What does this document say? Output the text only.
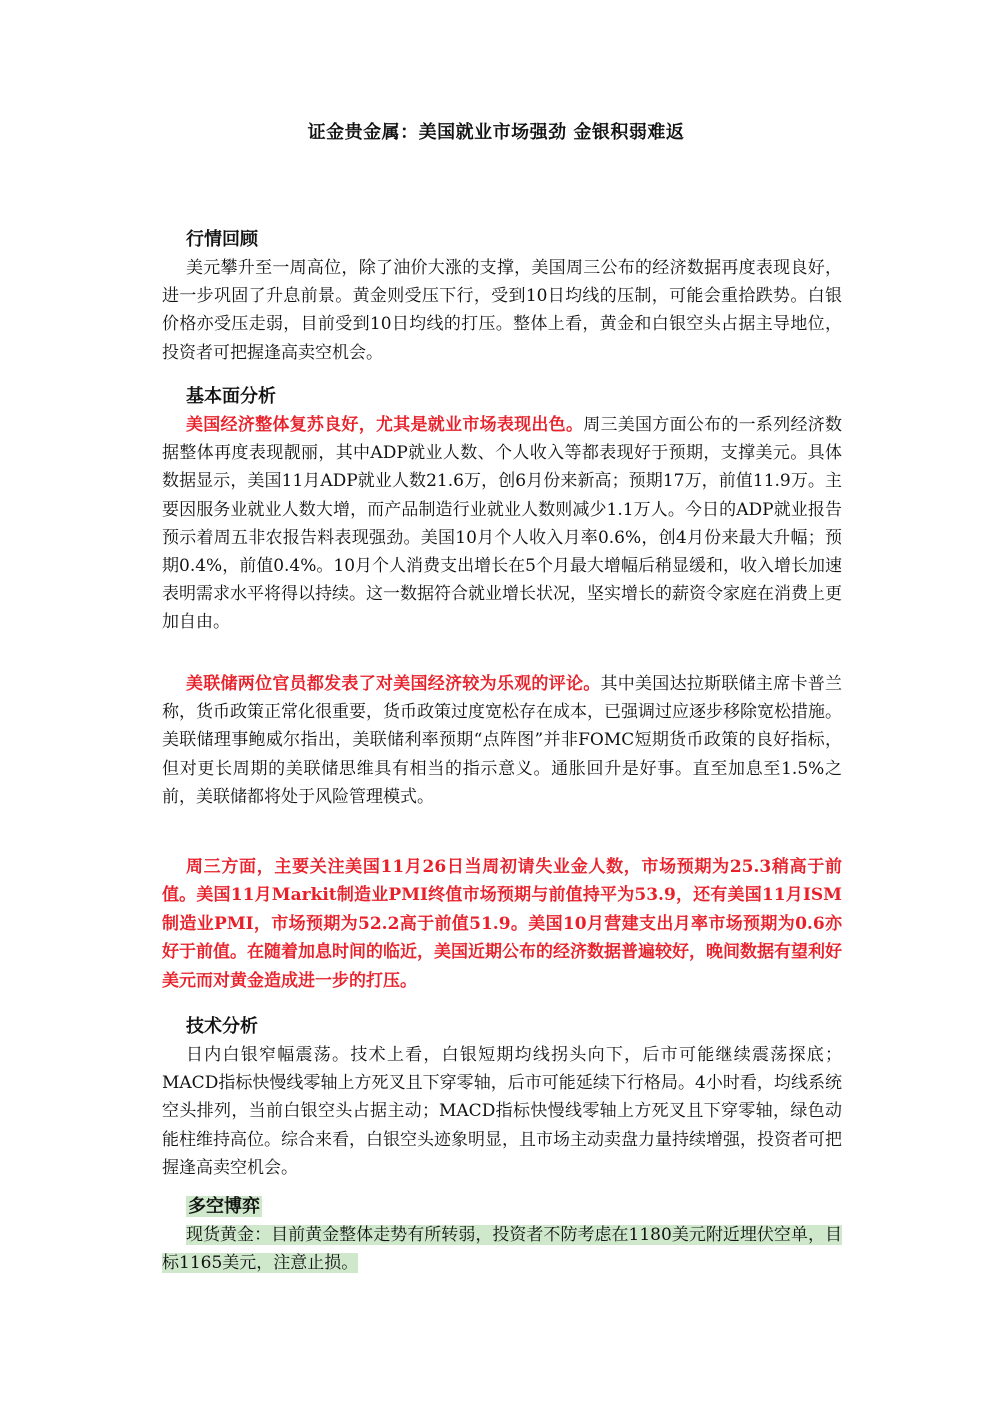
证金贵金属：美国就业市场强劲 金银积弱难返

行情回顾

美元攀升至一周高位，除了油价大涨的支撑，美国周三公布的经济数据再度表现良好，进一步巩固了升息前景。黄金则受压下行，受到10日均线的压制，可能会重拾跌势。白银价格亦受压走弱，目前受到10日均线的打压。整体上看，黄金和白银空头占据主导地位，投资者可把握逢高卖空机会。

基本面分析

美国经济整体复苏良好，尤其是就业市场表现出色。周三美国方面公布的一系列经济数据整体再度表现靓丽，其中ADP就业人数、个人收入等都表现好于预期，支撑美元。具体数据显示，美国11月ADP就业人数21.6万，创6月份来新高；预期17万，前值11.9万。主要因服务业就业人数大增，而产品制造行业就业人数则减少1.1万人。今日的ADP就业报告预示着周五非农报告料表现强劲。美国10月个人收入月率0.6%，创4月份来最大升幅；预期0.4%，前值0.4%。10月个人消费支出增长在5个月最大增幅后稍显缓和，收入增长加速表明需求水平将得以持续。这一数据符合就业增长状况，坚实增长的薪资令家庭在消费上更加自由。

美联储两位官员都发表了对美国经济较为乐观的评论。其中美国达拉斯联储主席卡普兰称，货币政策正常化很重要，货币政策过度宽松存在成本，已强调过应逐步移除宽松措施。美联储理事鲍威尔指出，美联储利率预期“点阵图”并非FOMC短期货币政策的良好指标，但对更长周期的美联储思维具有相当的指示意义。通胀回升是好事。直至加息至1.5%之前，美联储都将处于风险管理模式。

周三方面，主要关注美国11月26日当周初请失业金人数，市场预期为25.3稍高于前值。美国11月Markit制造业PMI终值市场预期与前值持平为53.9，还有美国11月ISM制造业PMI，市场预期为52.2高于前值51.9。美国10月营建支出月率市场预期为0.6亦好于前值。在随着加息时间的临近，美国近期公布的经济数据普遍较好，晚间数据有望利好美元而对黄金造成进一步的打压。

技术分析

日内白银窄幅震荡。技术上看，白银短期均线拐头向下，后市可能继续震荡探底；MACD指标快慢线零轴上方死叉且下穿零轴，后市可能延续下行格局。4小时看，均线系统空头排列，当前白银空头占据主动；MACD指标快慢线零轴上方死叉且下穿零轴，绿色动能柱维持高位。综合来看，白银空头迹象明显，且市场主动卖盘力量持续增强，投资者可把握逢高卖空机会。

多空博弈

现货黄金：目前黄金整体走势有所转弱，投资者不防考虑在1180美元附近埋伏空单，目标1165美元，注意止损。
